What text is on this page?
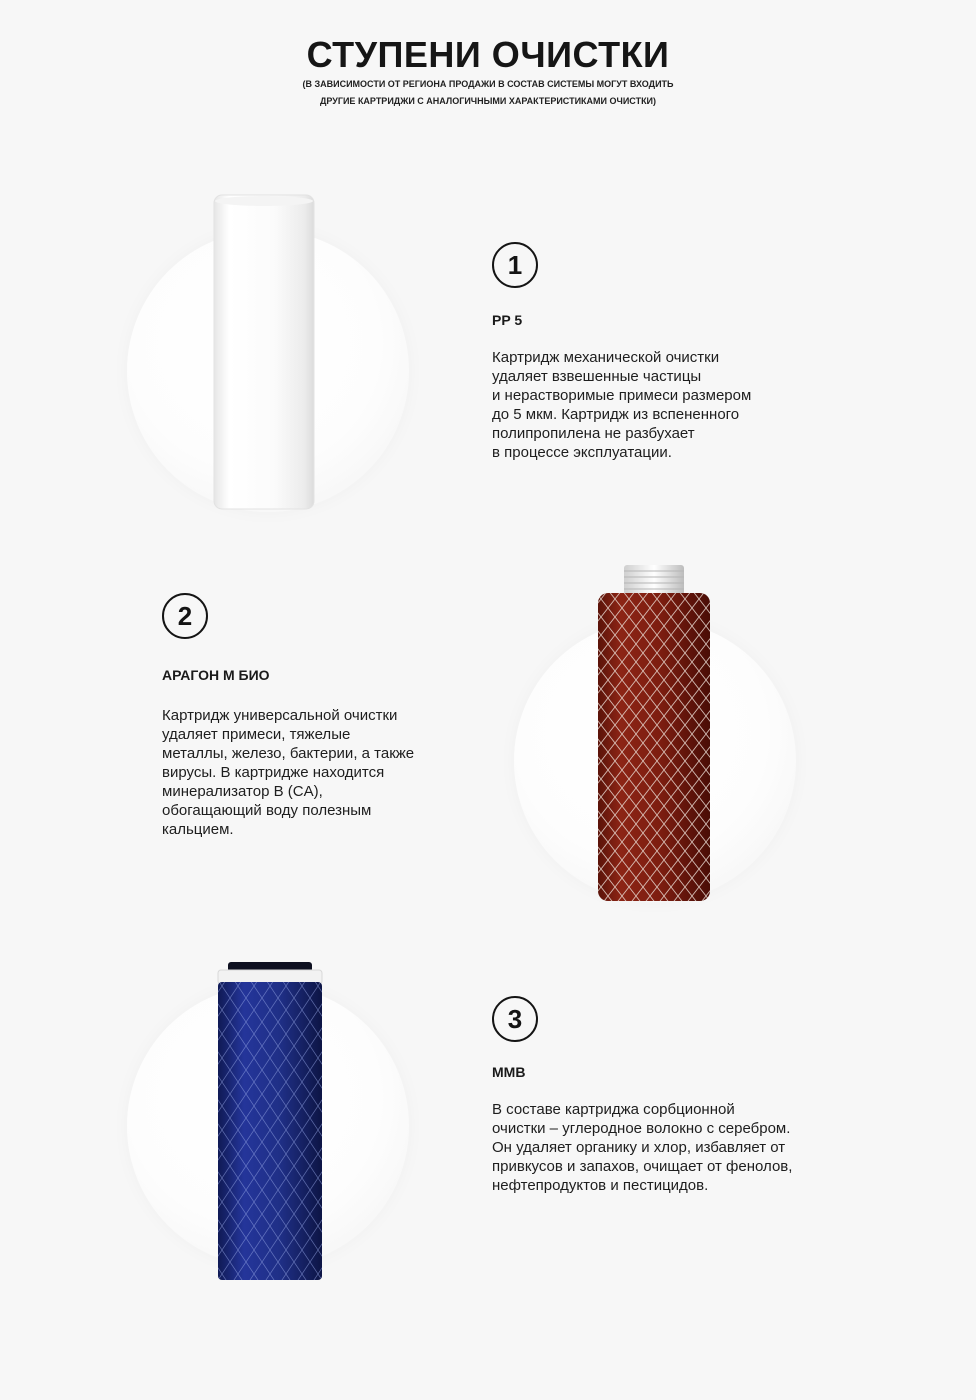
СТУПЕНИ ОЧИСТКИ
(В ЗАВИСИМОСТИ ОТ РЕГИОНА ПРОДАЖИ В СОСТАВ СИСТЕМЫ МОГУТ ВХОДИТЬ
ДРУГИЕ КАРТРИДЖИ С АНАЛОГИЧНЫМИ ХАРАКТЕРИСТИКАМИ ОЧИСТКИ)
1
PP 5
Картридж механической очистки
удаляет взвешенные частицы
и нерастворимые примеси размером
до 5 мкм. Картридж из вспененного
полипропилена не разбухает
в процессе эксплуатации.
2
АРАГОН М БИО
Картридж универсальной очистки
удаляет примеси, тяжелые
металлы, железо, бактерии, а также
вирусы. В картридже находится
минерализатор B (CA),
обогащающий воду полезным
кальцием.
3
MMB
В составе картриджа сорбционной
очистки – углеродное волокно с серебром.
Он удаляет органику и хлор, избавляет от
привкусов и запахов, очищает от фенолов,
нефтепродуктов и пестицидов.
